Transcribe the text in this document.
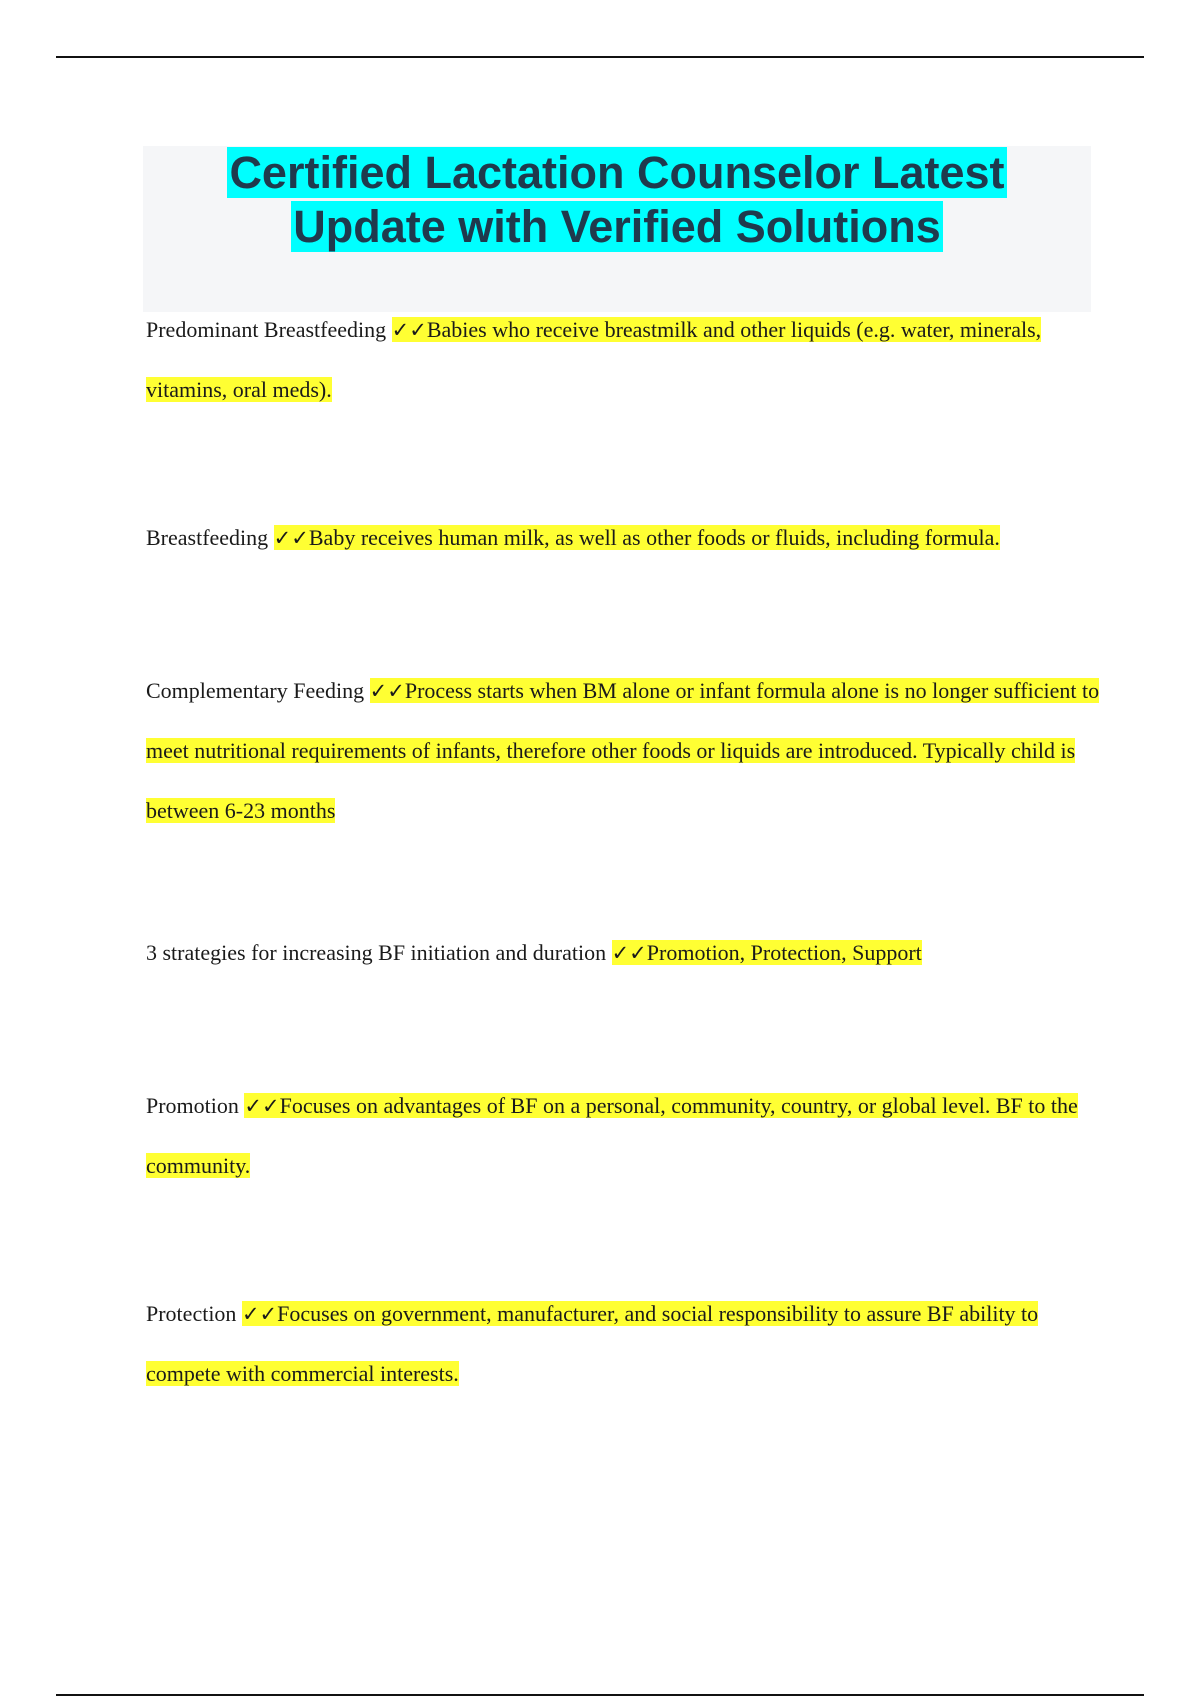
Certified Lactation Counselor Latest
Update with Verified Solutions

Predominant Breastfeeding ✓✓Babies who receive breastmilk and other liquids (e.g. water, minerals, vitamins, oral meds).

Breastfeeding ✓✓Baby receives human milk, as well as other foods or fluids, including formula.

Complementary Feeding ✓✓Process starts when BM alone or infant formula alone is no longer sufficient to meet nutritional requirements of infants, therefore other foods or liquids are introduced. Typically child is between 6-23 months

3 strategies for increasing BF initiation and duration ✓✓Promotion, Protection, Support

Promotion ✓✓Focuses on advantages of BF on a personal, community, country, or global level. BF to the community.

Protection ✓✓Focuses on government, manufacturer, and social responsibility to assure BF ability to compete with commercial interests.
